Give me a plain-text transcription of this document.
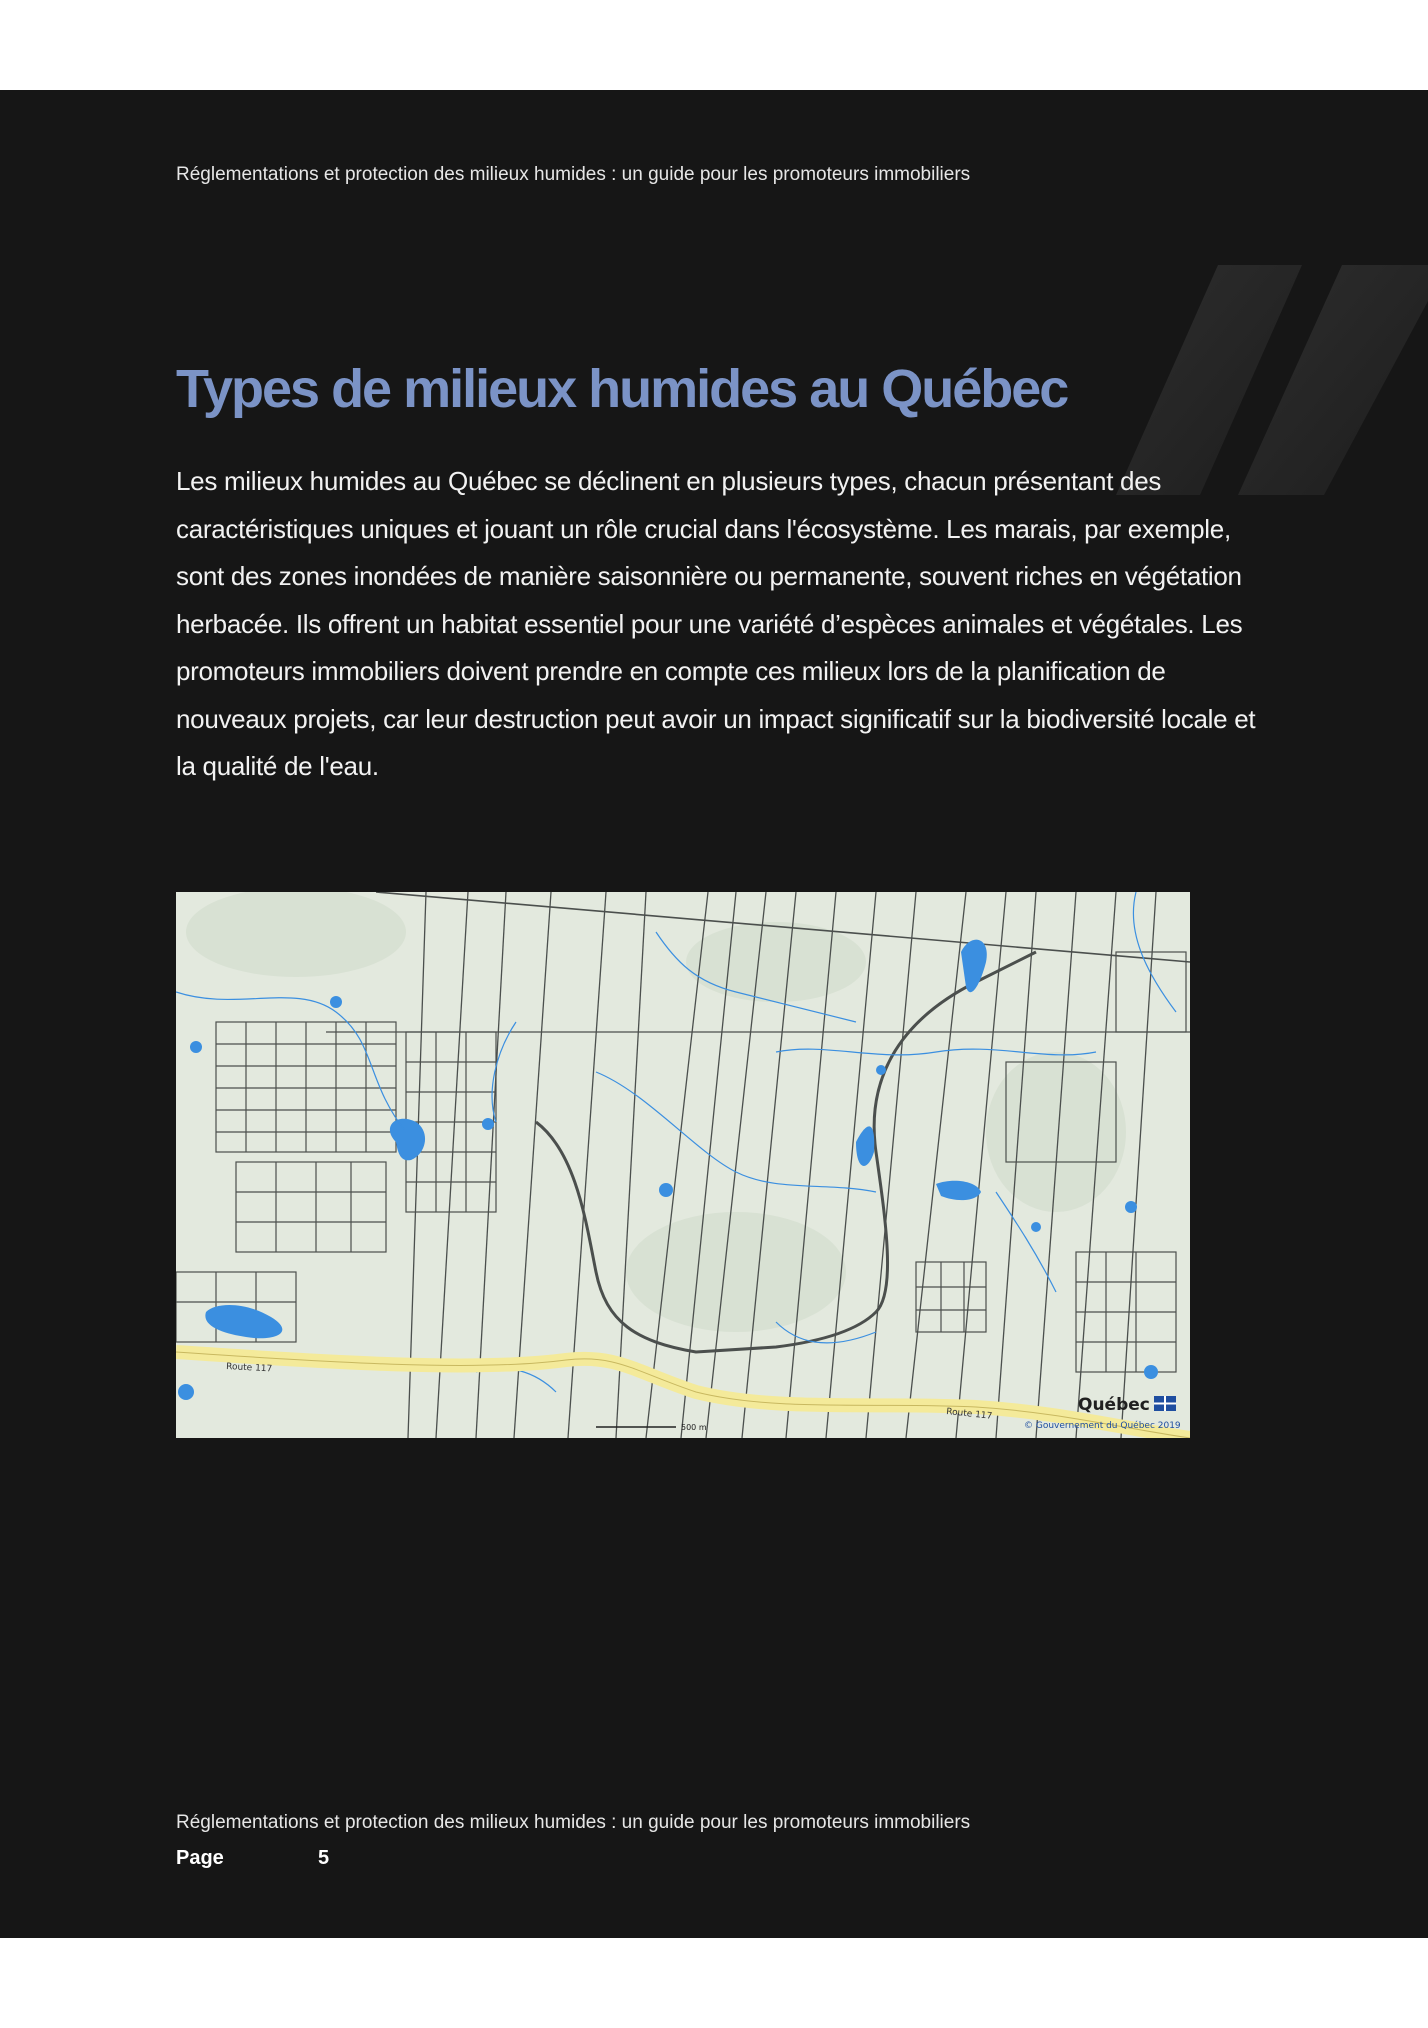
Réglementations et protection des milieux humides : un guide pour les promoteurs immobiliers
Types de milieux humides au Québec

Les milieux humides au Québec se déclinent en plusieurs types, chacun présentant des caractéristiques uniques et jouant un rôle crucial dans l'écosystème. Les marais, par exemple, sont des zones inondées de manière saisonnière ou permanente, souvent riches en végétation herbacée. Ils offrent un habitat essentiel pour une variété d’espèces animales et végétales. Les promoteurs immobiliers doivent prendre en compte ces milieux lors de la planification de nouveaux projets, car leur destruction peut avoir un impact significatif sur la biodiversité locale et la qualité de l'eau.

Route 117
Route 117
500 m
Québec
© Gouvernement du Québec 2019
Réglementations et protection des milieux humides : un guide pour les promoteurs immobiliers
Page	5
